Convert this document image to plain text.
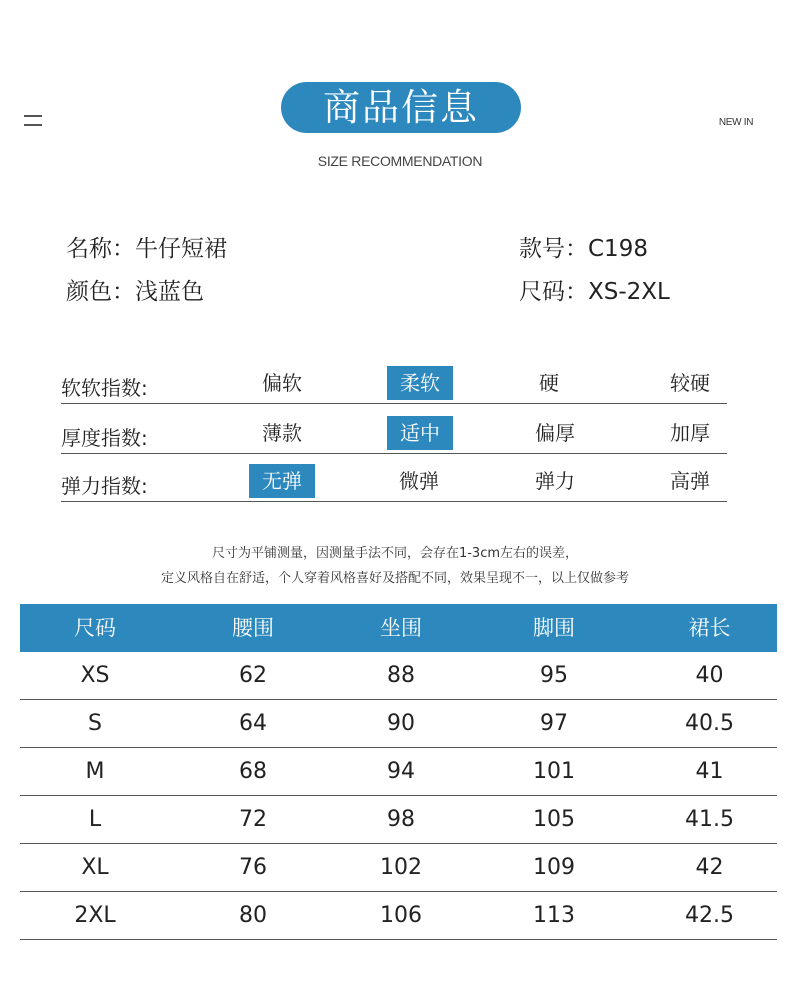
商品信息
SIZE RECOMMENDATION
NEW IN
名称：牛仔短裙
颜色：浅蓝色
款号：C198
尺码：XS-2XL
软软指数:	偏软	柔软	硬	较硬
厚度指数:	薄款	适中	偏厚	加厚
弹力指数:	无弹	微弹	弹力	高弹
尺寸为平铺测量，因测量手法不同，会存在1-3cm左右的误差，
定义风格自在舒适，个人穿着风格喜好及搭配不同，效果呈现不一，以上仅做参考
尺码	腰围	坐围	脚围	裙长
XS	62	88	95	40
S	64	90	97	40.5
M	68	94	101	41
L	72	98	105	41.5
XL	76	102	109	42
2XL	80	106	113	42.5
